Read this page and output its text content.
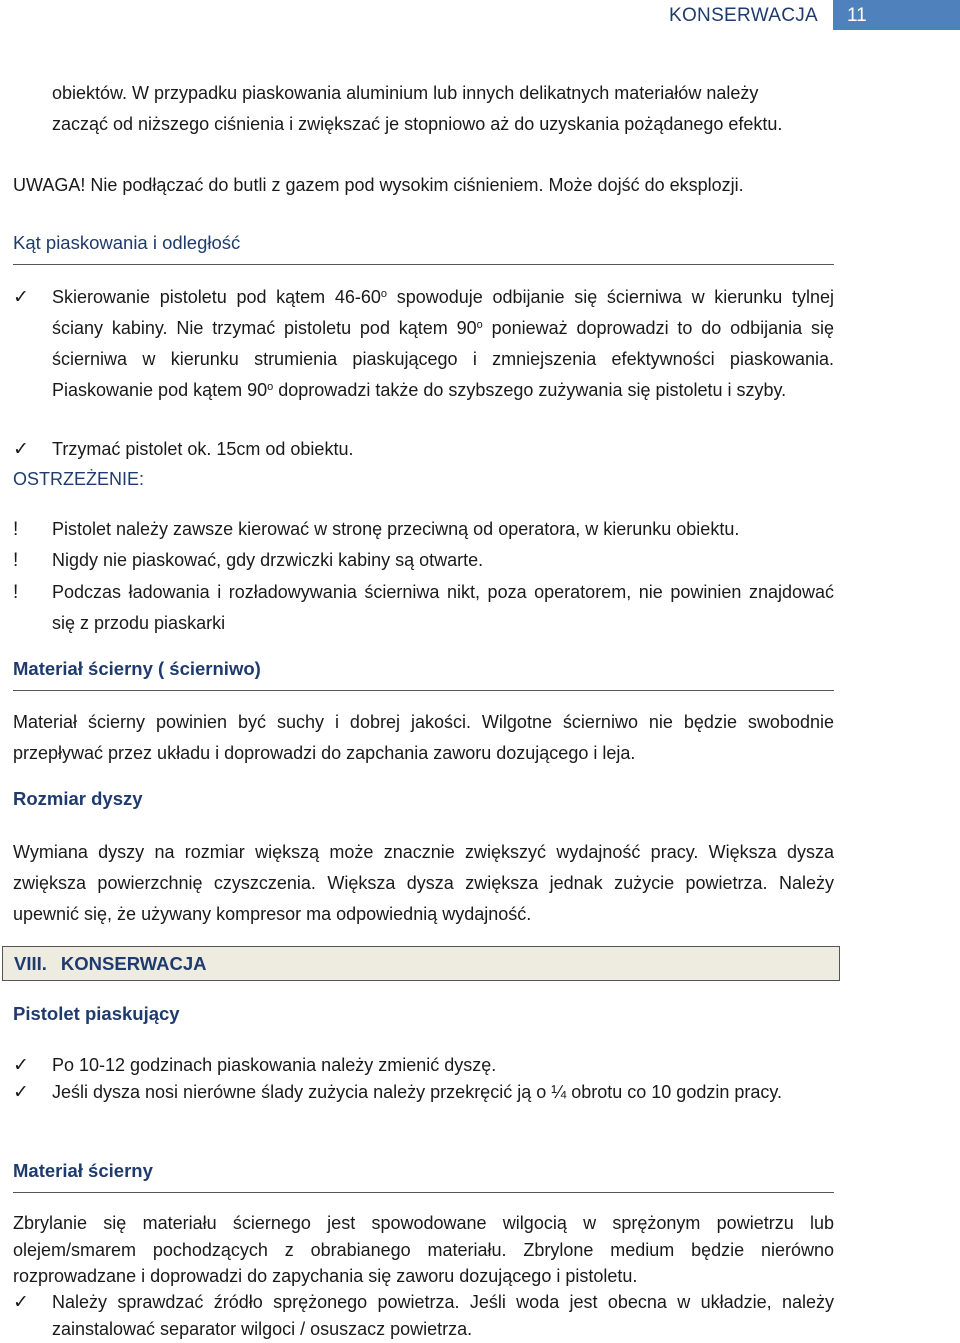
KONSERWACJA	11
obiektów. W przypadku piaskowania aluminium lub innych delikatnych materiałów należy
zacząć od niższego ciśnienia i zwiększać je stopniowo aż do uzyskania pożądanego efektu.
UWAGA! Nie podłączać do butli z gazem pod wysokim ciśnieniem. Może dojść do eksplozji.
Kąt piaskowania i odległość
✓	Skierowanie pistoletu pod kątem 46-60$^o$ spowoduje odbijanie się ścierniwa w kierunku tylnej ściany kabiny. Nie trzymać pistoletu pod kątem 90$^o$ ponieważ doprowadzi to do odbijania się ścierniwa w kierunku strumienia piaskującego i zmniejszenia efektywności piaskowania. Piaskowanie pod kątem 90$^o$ doprowadzi także do szybszego zużywania się pistoletu i szyby.
✓	Trzymać pistolet ok. 15cm od obiektu.
OSTRZEŻENIE:
!	Pistolet należy zawsze kierować w stronę przeciwną od operatora, w kierunku obiektu.
!	Nigdy nie piaskować, gdy drzwiczki kabiny są otwarte.
!	Podczas ładowania i rozładowywania ścierniwa nikt, poza operatorem, nie powinien znajdować się z przodu piaskarki
Materiał ścierny ( ścierniwo)
Materiał ścierny powinien być suchy i dobrej jakości. Wilgotne ścierniwo nie będzie swobodnie przepływać przez układu i doprowadzi do zapchania zaworu dozującego i leja.
Rozmiar dyszy
Wymiana dyszy na rozmiar większą może znacznie zwiększyć wydajność pracy. Większa dysza zwiększa powierzchnię czyszczenia. Większa dysza zwiększa jednak zużycie powietrza. Należy upewnić się, że używany kompresor ma odpowiednią wydajność.
VIII. KONSERWACJA
Pistolet piaskujący
✓	Po 10-12 godzinach piaskowania należy zmienić dyszę.
✓	Jeśli dysza nosi nierówne ślady zużycia należy przekręcić ją o ¼ obrotu co 10 godzin pracy.
Materiał ścierny
Zbrylanie się materiału ściernego jest spowodowane wilgocią w sprężonym powietrzu lub olejem/smarem pochodzących z obrabianego materiału. Zbrylone medium będzie nierówno rozprowadzane i doprowadzi do zapychania się zaworu dozującego i pistoletu.
✓	Należy sprawdzać źródło sprężonego powietrza. Jeśli woda jest obecna w układzie, należy zainstalować separator wilgoci / osuszacz powietrza.
